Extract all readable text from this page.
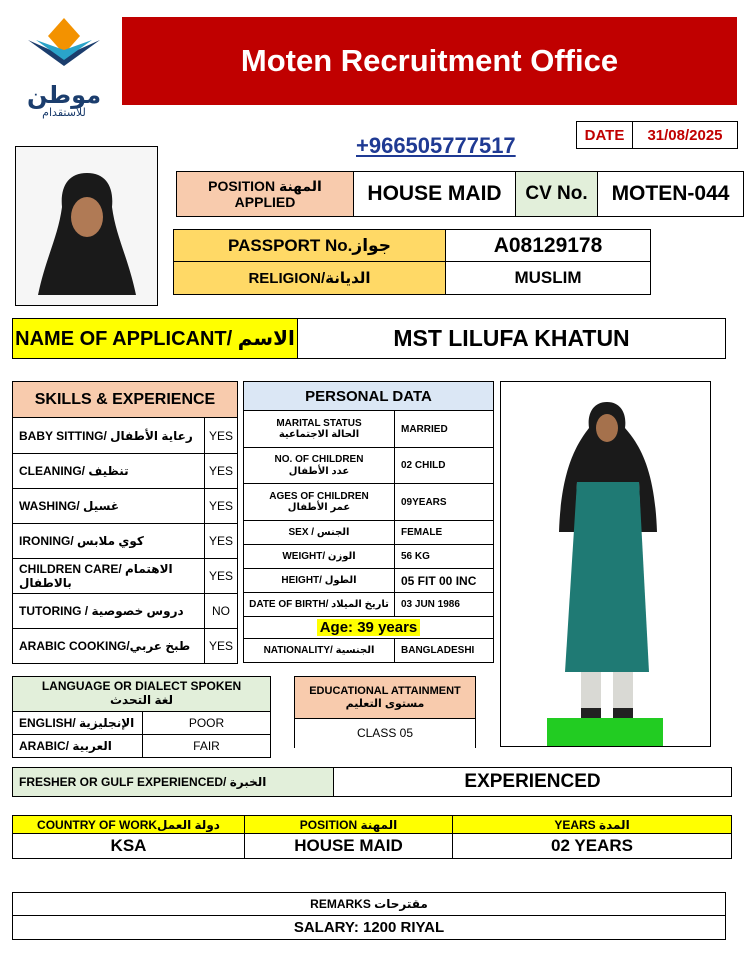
موطن
للاستقدام
Moten Recruitment Office
+966505777517	DATE	31/08/2025
POSITION المهنة
APPLIED	HOUSE MAID	CV No.	MOTEN-044
PASSPORT No.جواز	A08129178
RELIGION/الديانة	MUSLIM
NAME OF APPLICANT/ الاسم	MST LILUFA KHATUN
SKILLS & EXPERIENCE
BABY SITTING/ رعاية الأطفال	YES
CLEANING/ تنظيف	YES
WASHING/ غسيل	YES
IRONING/ كوي ملابس	YES
CHILDREN CARE/ الاهتمام بالاطفال	YES
TUTORING / دروس خصوصية	NO
ARABIC COOKING/طبخ عربي	YES
PERSONAL DATA
MARITAL STATUS
الحالة الاجتماعية	MARRIED
NO. OF CHILDREN
عدد الأطفال	02 CHILD
AGES OF CHILDREN
عمر الأطفال	09YEARS
SEX / الجنس	FEMALE
WEIGHT/ الوزن	56 KG
HEIGHT/ الطول	05 FIT 00 INC
DATE OF BIRTH/ تاريخ الميلاد	03 JUN 1986
Age: 39 years
NATIONALITY/ الجنسية	BANGLADESHI
LANGUAGE OR DIALECT SPOKEN
لغة التحدث
ENGLISH/ الإنجليزية	POOR
ARABIC/ العربية	FAIR
EDUCATIONAL ATTAINMENT
مستوى التعليم
CLASS 05
FRESHER OR GULF EXPERIENCED/ الخبرة	EXPERIENCED
COUNTRY OF WORKدولة العمل	POSITION المهنة	YEARS المدة
KSA	HOUSE MAID	02 YEARS
REMARKS مقترحات
SALARY: 1200 RIYAL
